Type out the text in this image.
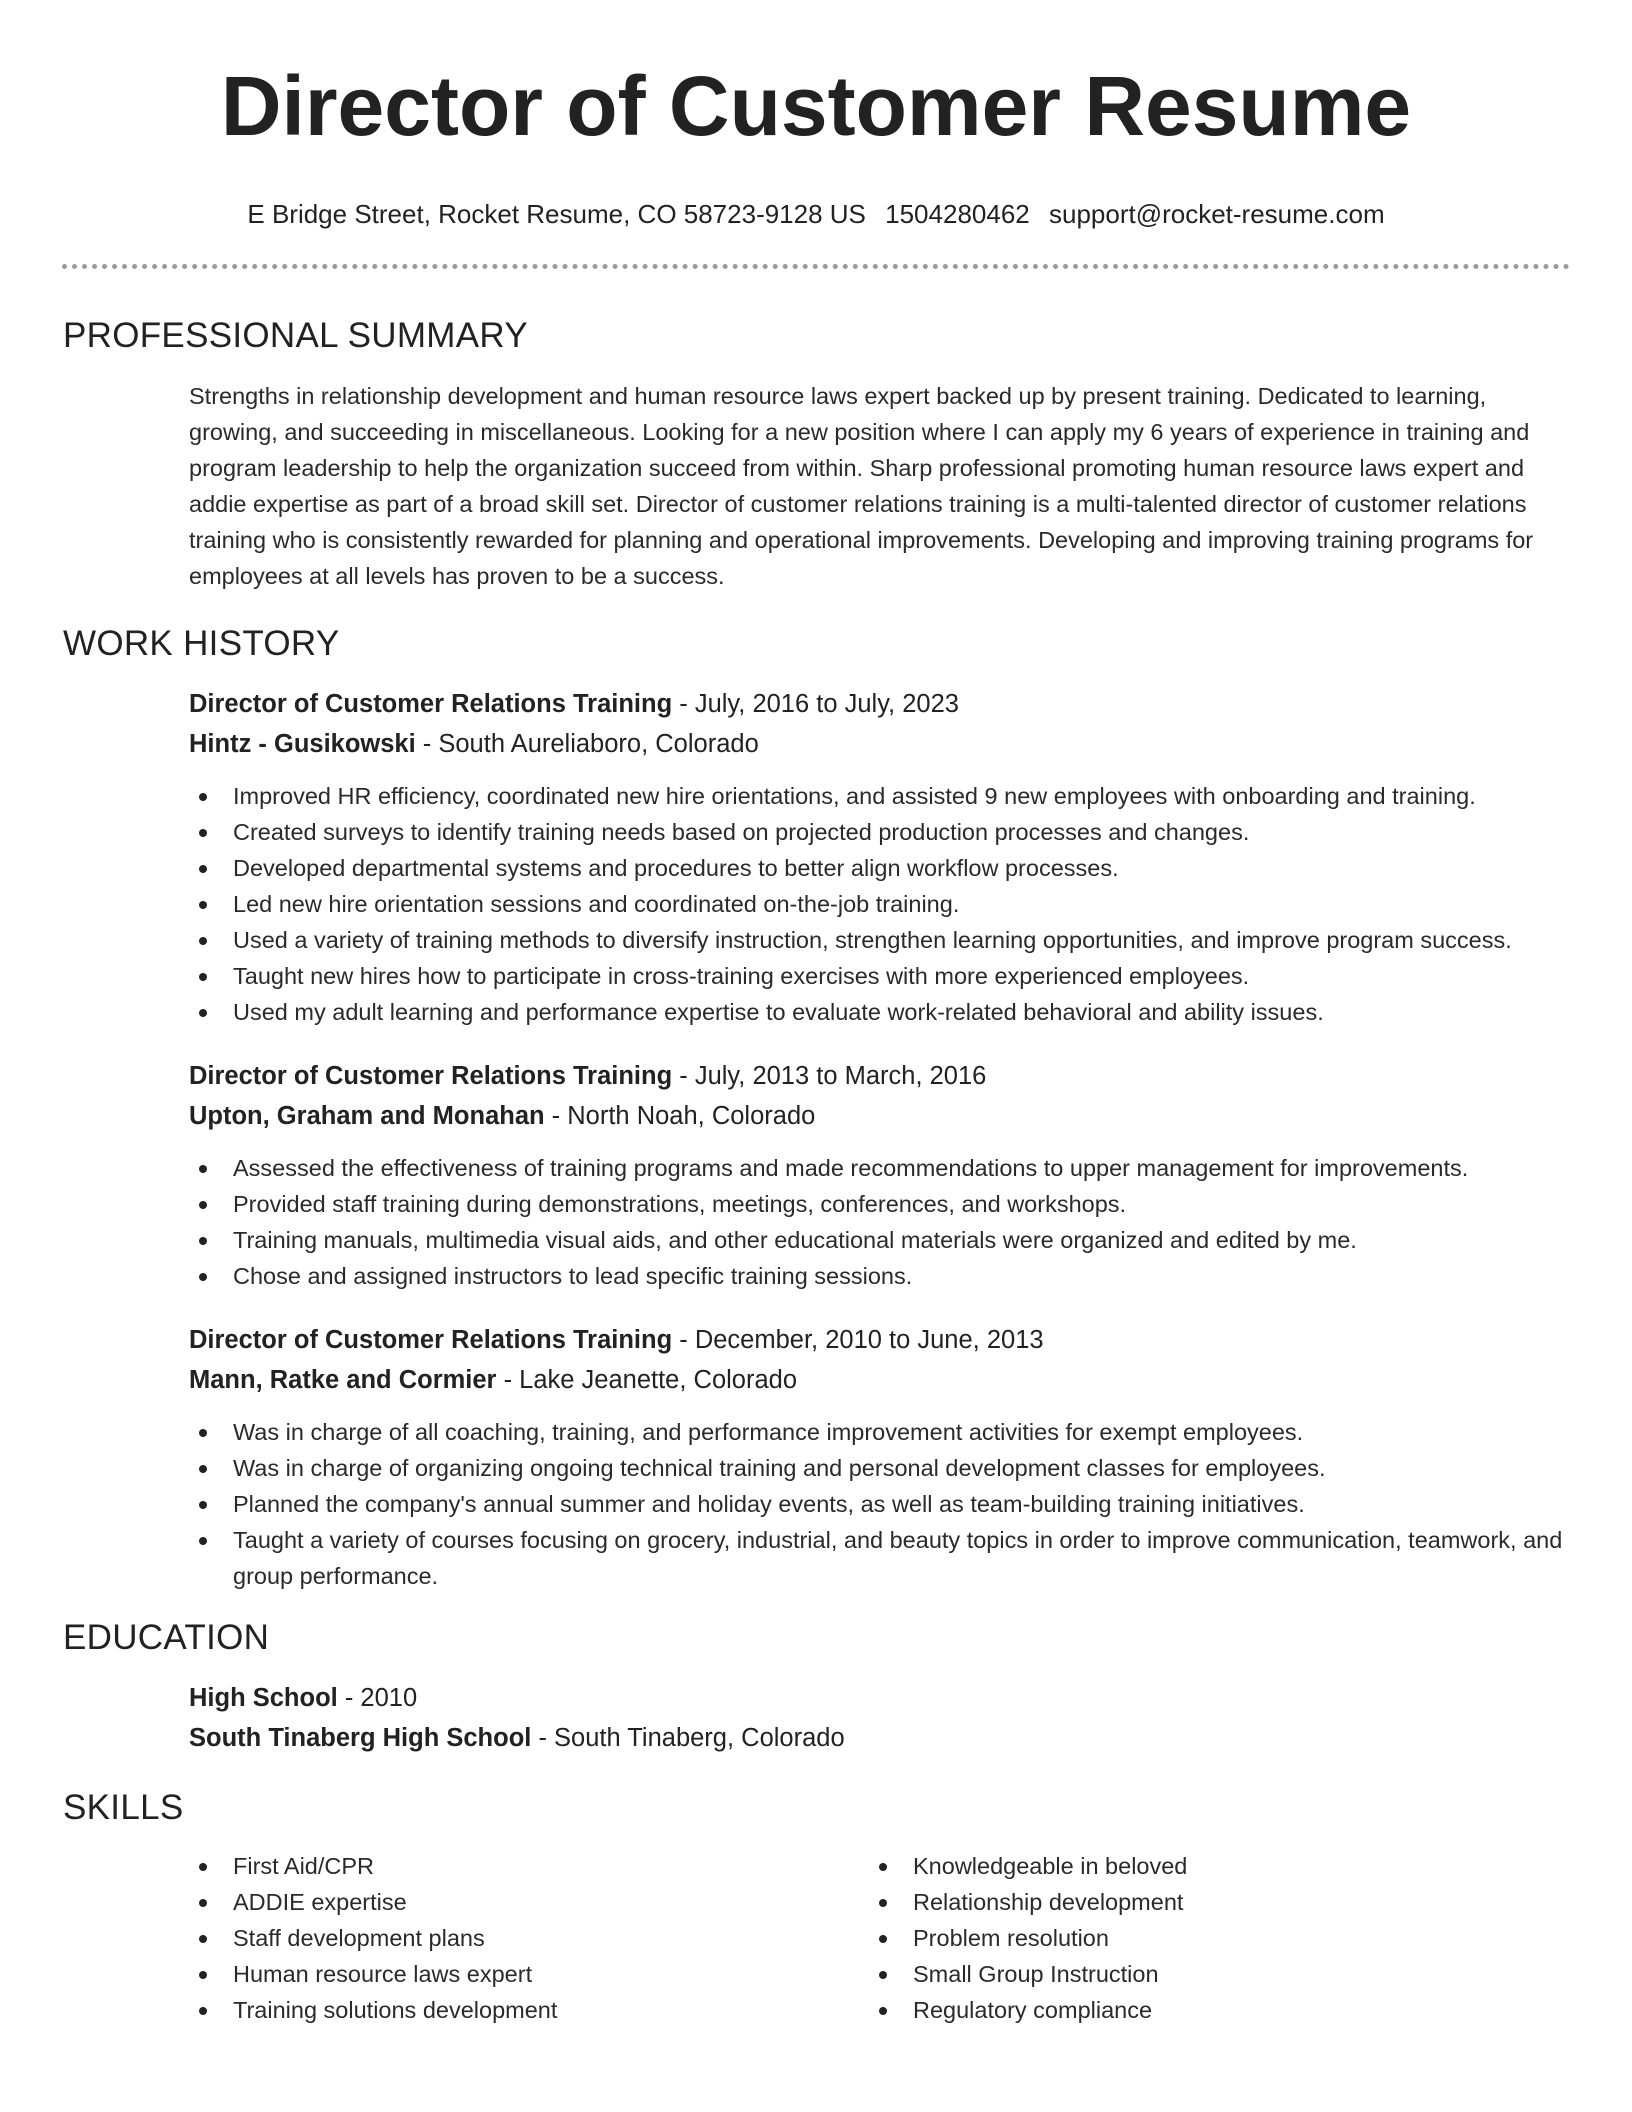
Director of Customer Resume
E Bridge Street, Rocket Resume, CO 58723-9128 US 1504280462 support@rocket-resume.com
PROFESSIONAL SUMMARY
Strengths in relationship development and human resource laws expert backed up by present training. Dedicated to learning, growing, and succeeding in miscellaneous. Looking for a new position where I can apply my 6 years of experience in training and program leadership to help the organization succeed from within. Sharp professional promoting human resource laws expert and addie expertise as part of a broad skill set. Director of customer relations training is a multi-talented director of customer relations training who is consistently rewarded for planning and operational improvements. Developing and improving training programs for employees at all levels has proven to be a success.
WORK HISTORY
Director of Customer Relations Training - July, 2016 to July, 2023
Hintz - Gusikowski - South Aureliaboro, Colorado
Improved HR efficiency, coordinated new hire orientations, and assisted 9 new employees with onboarding and training.
Created surveys to identify training needs based on projected production processes and changes.
Developed departmental systems and procedures to better align workflow processes.
Led new hire orientation sessions and coordinated on-the-job training.
Used a variety of training methods to diversify instruction, strengthen learning opportunities, and improve program success.
Taught new hires how to participate in cross-training exercises with more experienced employees.
Used my adult learning and performance expertise to evaluate work-related behavioral and ability issues.
Director of Customer Relations Training - July, 2013 to March, 2016
Upton, Graham and Monahan - North Noah, Colorado
Assessed the effectiveness of training programs and made recommendations to upper management for improvements.
Provided staff training during demonstrations, meetings, conferences, and workshops.
Training manuals, multimedia visual aids, and other educational materials were organized and edited by me.
Chose and assigned instructors to lead specific training sessions.
Director of Customer Relations Training - December, 2010 to June, 2013
Mann, Ratke and Cormier - Lake Jeanette, Colorado
Was in charge of all coaching, training, and performance improvement activities for exempt employees.
Was in charge of organizing ongoing technical training and personal development classes for employees.
Planned the company's annual summer and holiday events, as well as team-building training initiatives.
Taught a variety of courses focusing on grocery, industrial, and beauty topics in order to improve communication, teamwork, and group performance.
EDUCATION
High School - 2010
South Tinaberg High School - South Tinaberg, Colorado
SKILLS
First Aid/CPR
ADDIE expertise
Staff development plans
Human resource laws expert
Training solutions development
Knowledgeable in beloved
Relationship development
Problem resolution
Small Group Instruction
Regulatory compliance
